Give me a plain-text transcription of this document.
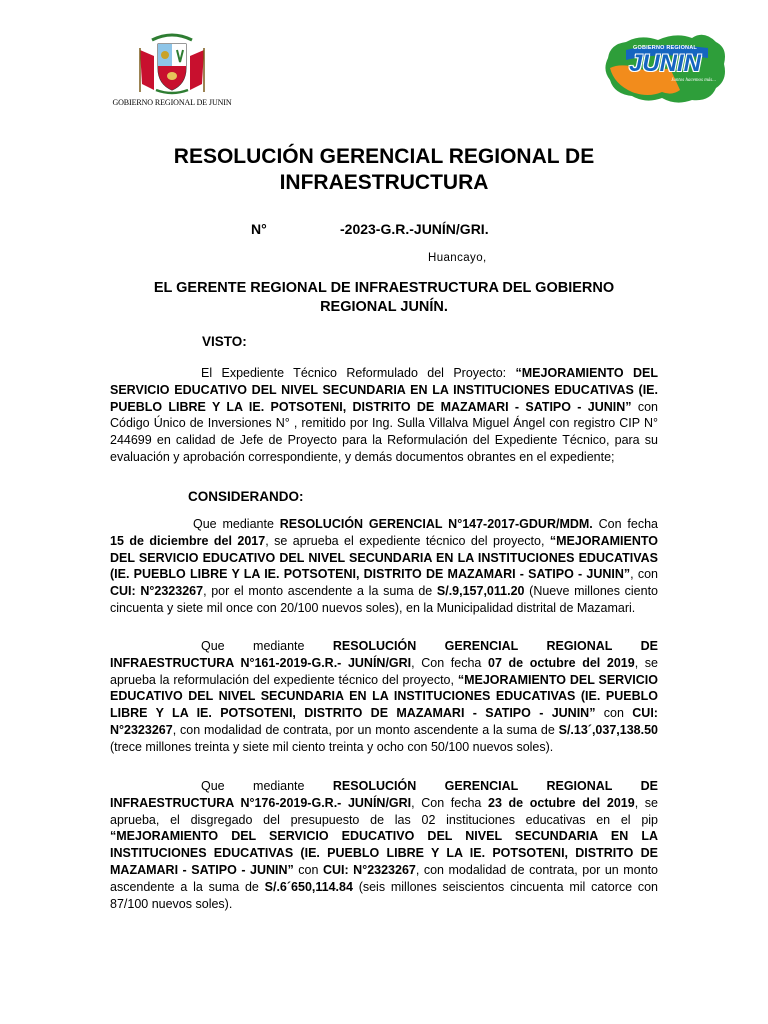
GOBIERNO REGIONAL DE JUNIN
GOBIERNO REGIONAL
JUNIN
Juntos hacemos más...
RESOLUCIÓN GERENCIAL REGIONAL DE INFRAESTRUCTURA
N°	-2023-G.R.-JUNÍN/GRI.
Huancayo,
EL GERENTE REGIONAL DE INFRAESTRUCTURA DEL GOBIERNO REGIONAL JUNÍN.
VISTO:
El Expediente Técnico Reformulado del Proyecto: “MEJORAMIENTO DEL SERVICIO EDUCATIVO DEL NIVEL SECUNDARIA EN LA INSTITUCIONES EDUCATIVAS (IE. PUEBLO LIBRE Y LA IE. POTSOTENI, DISTRITO DE MAZAMARI - SATIPO - JUNIN” con Código Único de Inversiones N° , remitido por Ing. Sulla Villalva Miguel Ángel con registro CIP N° 244699 en calidad de Jefe de Proyecto para la Reformulación del Expediente Técnico, para su evaluación y aprobación correspondiente, y demás documentos obrantes en el expediente;
CONSIDERANDO:
Que mediante RESOLUCIÓN GERENCIAL N°147-2017-GDUR/MDM. Con fecha 15 de diciembre del 2017, se aprueba el expediente técnico del proyecto, “MEJORAMIENTO DEL SERVICIO EDUCATIVO DEL NIVEL SECUNDARIA EN LA INSTITUCIONES EDUCATIVAS (IE. PUEBLO LIBRE Y LA IE. POTSOTENI, DISTRITO DE MAZAMARI - SATIPO - JUNIN”, con CUI: N°2323267, por el monto ascendente a la suma de S/.9,157,011.20 (Nueve millones ciento cincuenta y siete mil once con 20/100 nuevos soles), en la Municipalidad distrital de Mazamari.
Que mediante RESOLUCIÓN GERENCIAL REGIONAL DE INFRAESTRUCTURA N°161-2019-G.R.- JUNÍN/GRI, Con fecha 07 de octubre del 2019, se aprueba la reformulación del expediente técnico del proyecto, “MEJORAMIENTO DEL SERVICIO EDUCATIVO DEL NIVEL SECUNDARIA EN LA INSTITUCIONES EDUCATIVAS (IE. PUEBLO LIBRE Y LA IE. POTSOTENI, DISTRITO DE MAZAMARI - SATIPO - JUNIN” con CUI: N°2323267, con modalidad de contrata, por un monto ascendente a la suma de S/.13´,037,138.50 (trece millones treinta y siete mil ciento treinta y ocho con 50/100 nuevos soles).
Que mediante RESOLUCIÓN GERENCIAL REGIONAL DE INFRAESTRUCTURA N°176-2019-G.R.- JUNÍN/GRI, Con fecha 23 de octubre del 2019, se aprueba, el disgregado del presupuesto de las 02 instituciones educativas en el pip “MEJORAMIENTO DEL SERVICIO EDUCATIVO DEL NIVEL SECUNDARIA EN LA INSTITUCIONES EDUCATIVAS (IE. PUEBLO LIBRE Y LA IE. POTSOTENI, DISTRITO DE MAZAMARI - SATIPO - JUNIN” con CUI: N°2323267, con modalidad de contrata, por un monto ascendente a la suma de S/.6´650,114.84 (seis millones seiscientos cincuenta mil catorce con 87/100 nuevos soles).
